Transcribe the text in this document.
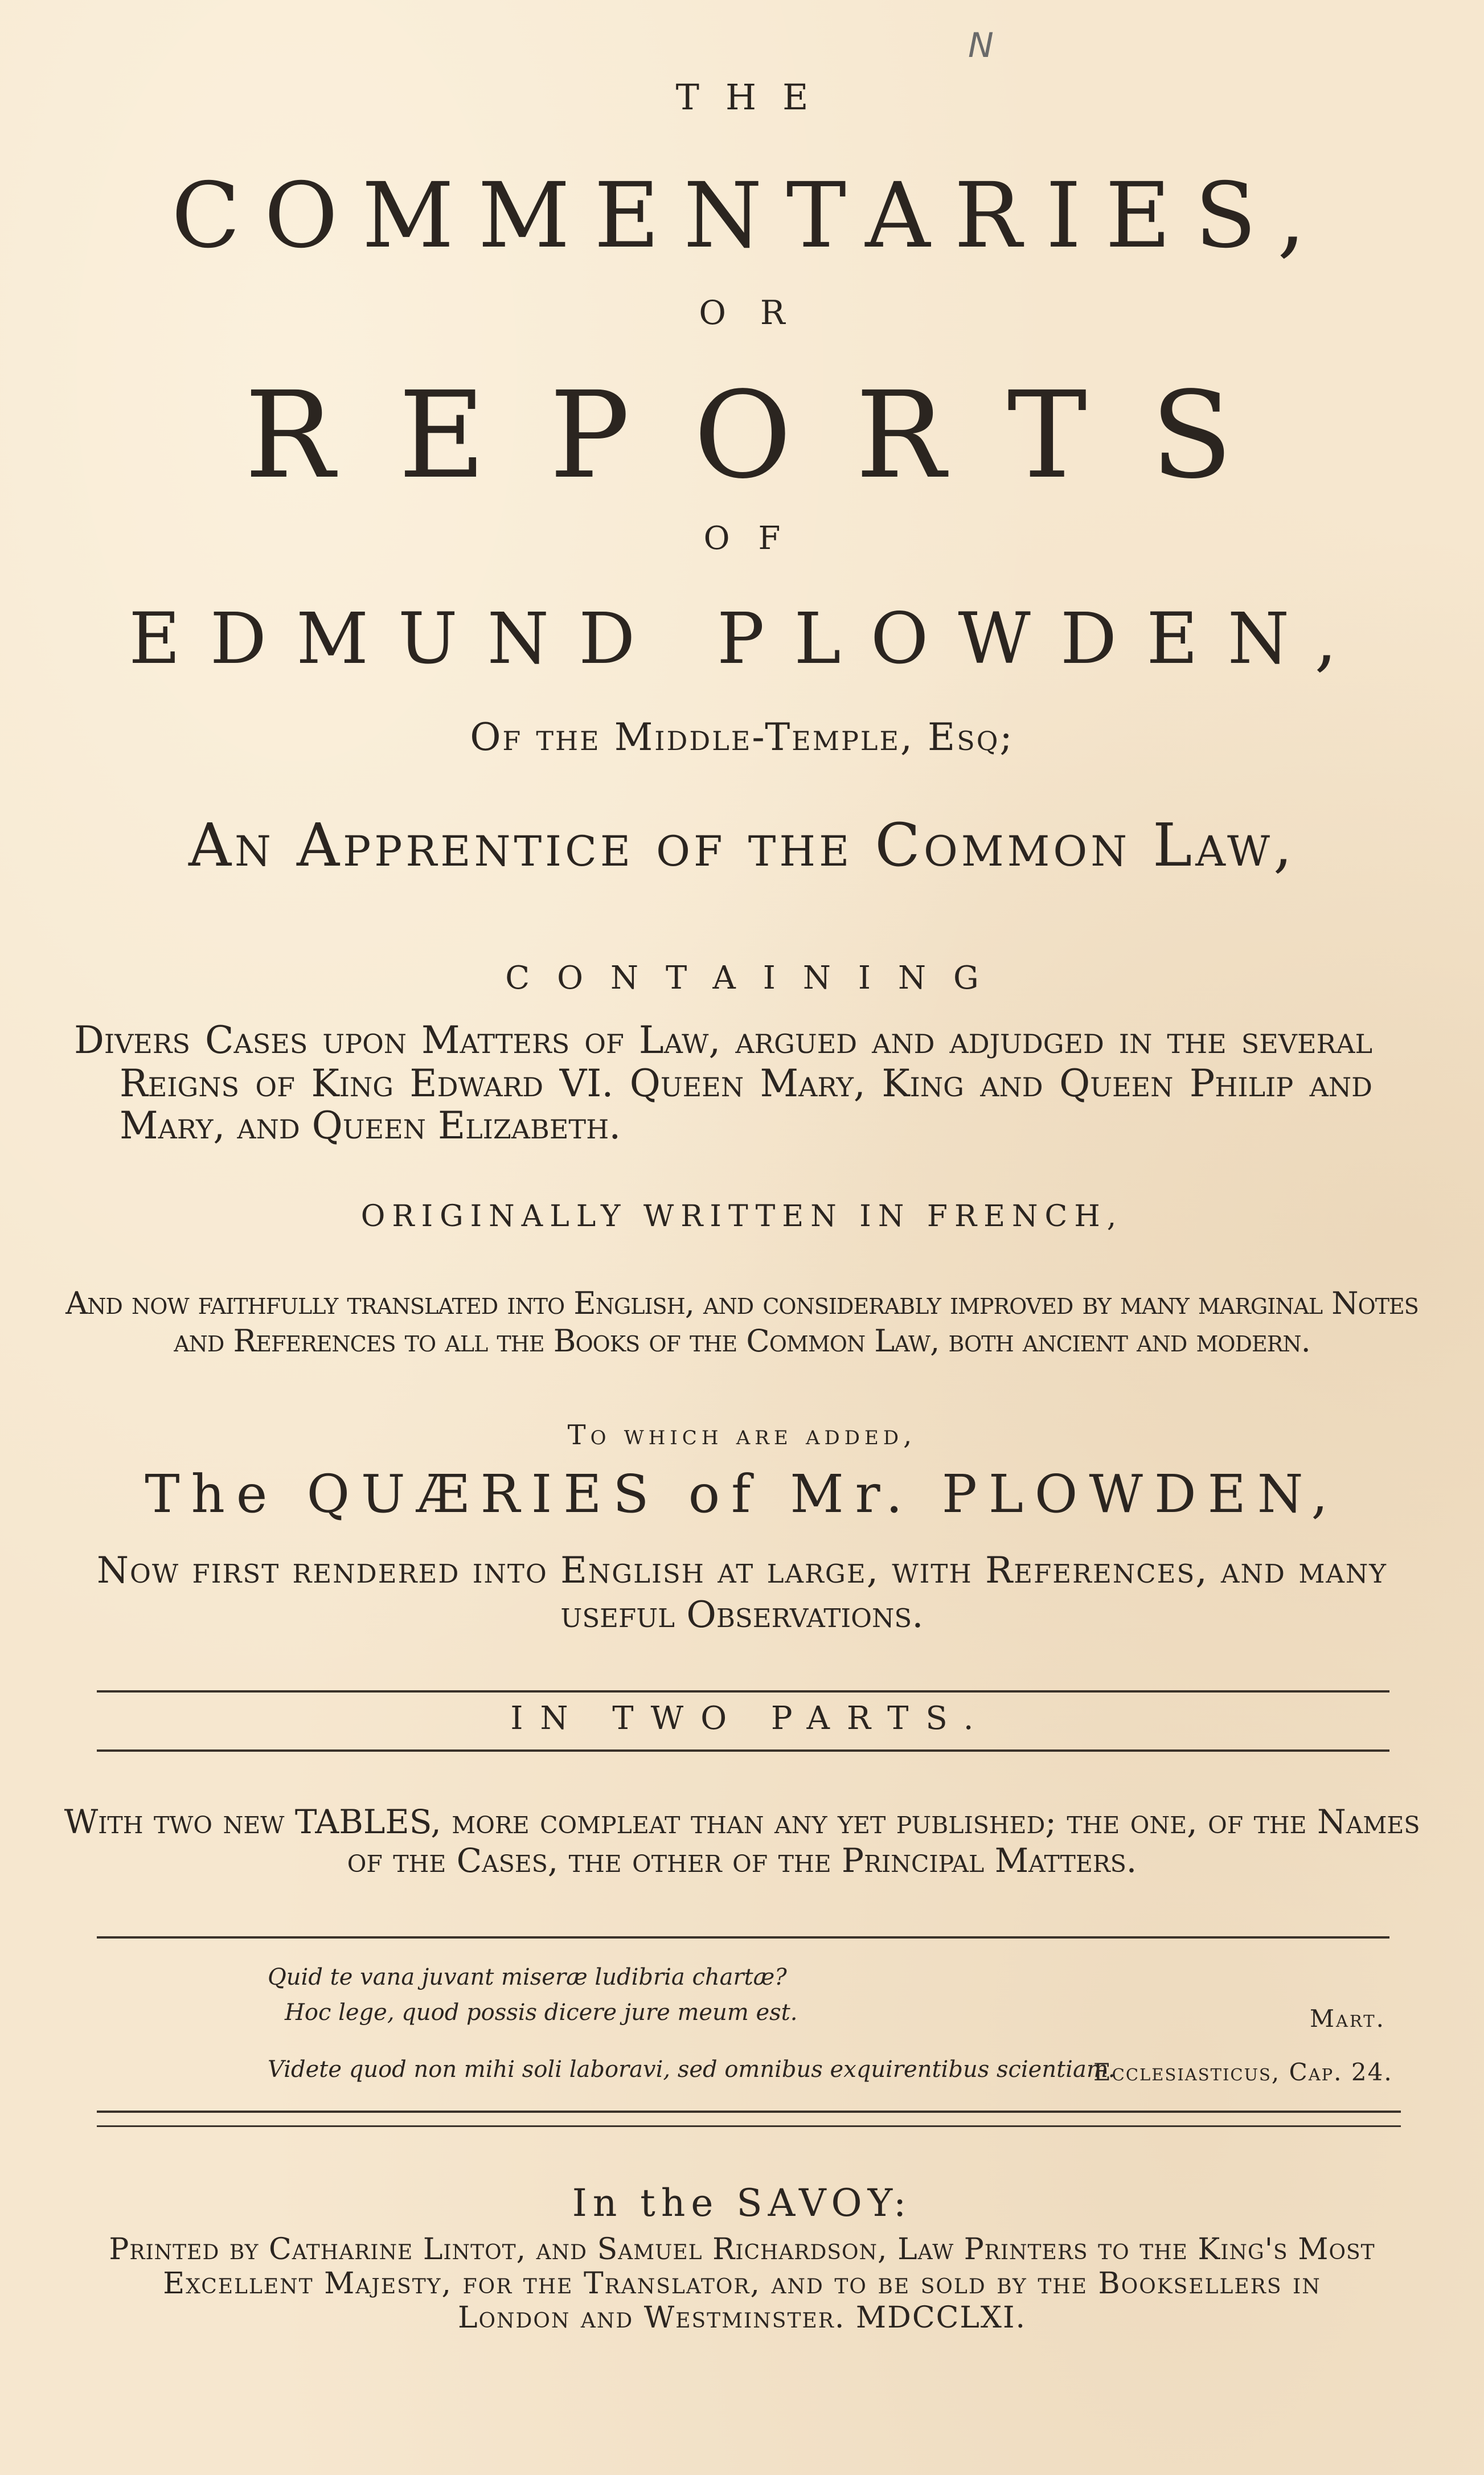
N
THE
COMMENTARIES,
OR
REPORTS
OF
EDMUND PLOWDEN,
Of the Middle-Temple, Esq;
An Apprentice of the Common Law,
CONTAINING
Divers Cases upon Matters of Law, argued and adjudged in the several
Reigns of King Edward VI. Queen Mary, King and Queen Philip and
Mary, and Queen Elizabeth.
ORIGINALLY WRITTEN IN FRENCH,
And now faithfully translated into English, and considerably improved by many marginal Notes
and References to all the Books of the Common Law, both ancient and modern.
To which are added,
The QUÆRIES of Mr. PLOWDEN,
Now first rendered into English at large, with References, and many
useful Observations.
IN TWO PARTS.
With two new TABLES, more compleat than any yet published; the one, of the Names
of the Cases, the other of the Principal Matters.
Quid te vana juvant miseræ ludibria chartæ?
Hoc lege, quod possis dicere jure meum est.	Mart.
Videte quod non mihi soli laboravi, sed omnibus exquirentibus scientiam.
Ecclesiasticus, Cap. 24.
In the SAVOY:
Printed by Catharine Lintot, and Samuel Richardson, Law Printers to the King's Most
Excellent Majesty, for the Translator, and to be sold by the Booksellers in
London and Westminster. MDCCLXI.
